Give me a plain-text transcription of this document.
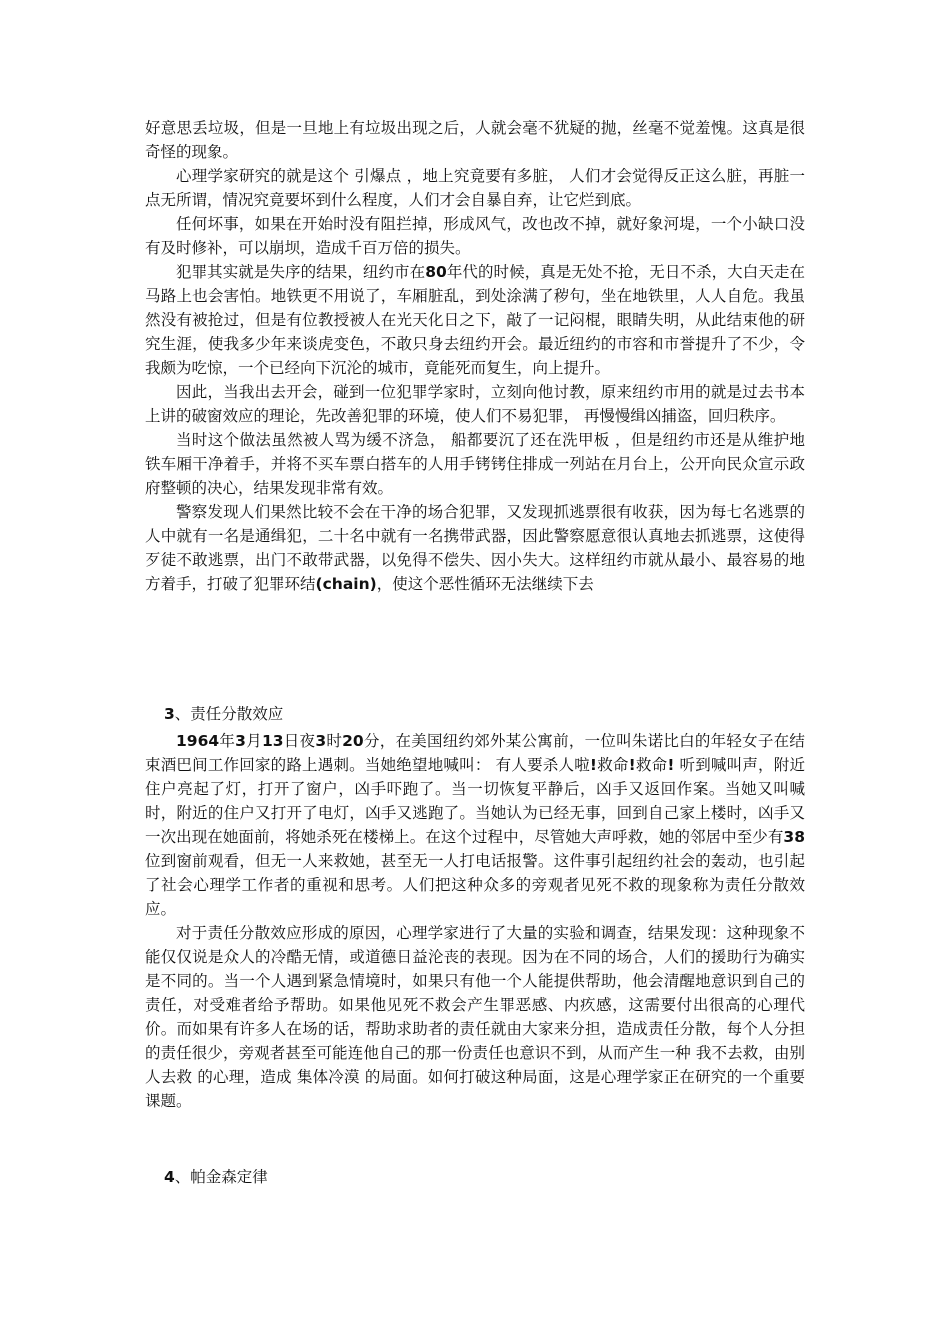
好意思丢垃圾，但是一旦地上有垃圾出现之后，人就会毫不犹疑的抛，丝毫不觉羞愧。这真是很奇怪的现象。

心理学家研究的就是这个 引爆点 ，地上究竟要有多脏， 人们才会觉得反正这么脏，再脏一点无所谓，情况究竟要坏到什么程度，人们才会自暴自弃，让它烂到底。

任何坏事，如果在开始时没有阻拦掉，形成风气，改也改不掉，就好象河堤，一个小缺口没有及时修补，可以崩坝，造成千百万倍的损失。

犯罪其实就是失序的结果，纽约市在80年代的时候，真是无处不抢，无日不杀，大白天走在马路上也会害怕。地铁更不用说了，车厢脏乱，到处涂满了秽句，坐在地铁里，人人自危。我虽然没有被抢过，但是有位教授被人在光天化日之下，敲了一记闷棍，眼睛失明，从此结束他的研究生涯，使我多少年来谈虎变色，不敢只身去纽约开会。最近纽约的市容和市誉提升了不少，令我颇为吃惊，一个已经向下沉沦的城市，竟能死而复生，向上提升。

因此，当我出去开会，碰到一位犯罪学家时，立刻向他讨教，原来纽约市用的就是过去书本上讲的破窗效应的理论，先改善犯罪的环境，使人们不易犯罪， 再慢慢缉凶捕盗，回归秩序。

当时这个做法虽然被人骂为缓不济急， 船都要沉了还在洗甲板 ，但是纽约市还是从维护地铁车厢干净着手，并将不买车票白搭车的人用手铐铐住排成一列站在月台上，公开向民众宣示政府整顿的决心，结果发现非常有效。

警察发现人们果然比较不会在干净的场合犯罪，又发现抓逃票很有收获，因为每七名逃票的人中就有一名是通缉犯，二十名中就有一名携带武器，因此警察愿意很认真地去抓逃票，这使得歹徒不敢逃票，出门不敢带武器，以免得不偿失、因小失大。这样纽约市就从最小、最容易的地方着手，打破了犯罪环结(chain)，使这个恶性循环无法继续下去

3、责任分散效应

1964年3月13日夜3时20分，在美国纽约郊外某公寓前，一位叫朱诺比白的年轻女子在结束酒巴间工作回家的路上遇刺。当她绝望地喊叫： 有人要杀人啦!救命!救命! 听到喊叫声，附近住户亮起了灯，打开了窗户，凶手吓跑了。当一切恢复平静后，凶手又返回作案。当她又叫喊时，附近的住户又打开了电灯，凶手又逃跑了。当她认为已经无事，回到自己家上楼时，凶手又一次出现在她面前，将她杀死在楼梯上。在这个过程中，尽管她大声呼救，她的邻居中至少有38位到窗前观看，但无一人来救她，甚至无一人打电话报警。这件事引起纽约社会的轰动，也引起了社会心理学工作者的重视和思考。人们把这种众多的旁观者见死不救的现象称为责任分散效应。

对于责任分散效应形成的原因，心理学家进行了大量的实验和调查，结果发现：这种现象不能仅仅说是众人的冷酷无情，或道德日益沦丧的表现。因为在不同的场合，人们的援助行为确实是不同的。当一个人遇到紧急情境时，如果只有他一个人能提供帮助，他会清醒地意识到自己的责任，对受难者给予帮助。如果他见死不救会产生罪恶感、内疚感，这需要付出很高的心理代价。而如果有许多人在场的话，帮助求助者的责任就由大家来分担，造成责任分散，每个人分担的责任很少，旁观者甚至可能连他自己的那一份责任也意识不到，从而产生一种 我不去救，由别人去救 的心理，造成 集体冷漠 的局面。如何打破这种局面，这是心理学家正在研究的一个重要课题。

4、帕金森定律
